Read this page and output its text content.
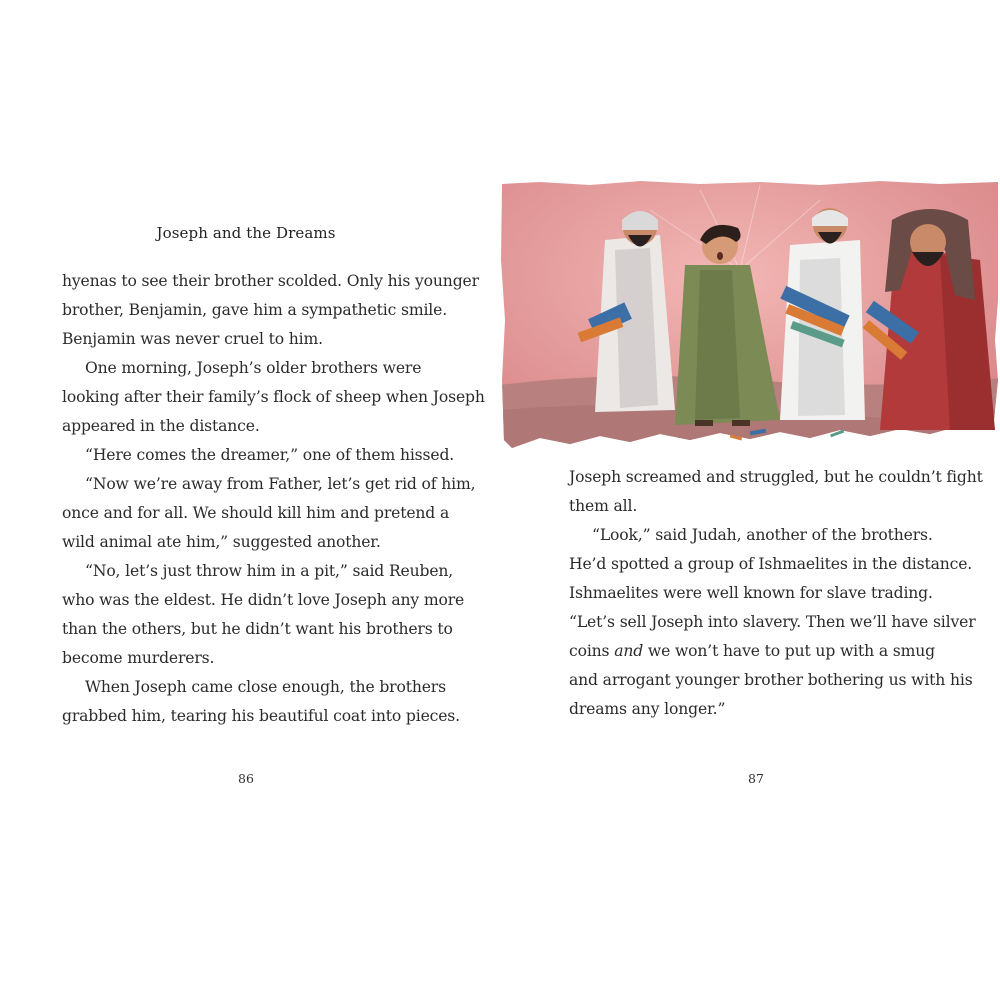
Joseph and the Dreams

hyenas to see their brother scolded. Only his younger
brother, Benjamin, gave him a sympathetic smile.
Benjamin was never cruel to him.

One morning, Joseph’s older brothers were
looking after their family’s flock of sheep when Joseph
appeared in the distance.

“Here comes the dreamer,” one of them hissed.

“Now we’re away from Father, let’s get rid of him,
once and for all. We should kill him and pretend a
wild animal ate him,” suggested another.

“No, let’s just throw him in a pit,” said Reuben,
who was the eldest. He didn’t love Joseph any more
than the others, but he didn’t want his brothers to
become murderers.

When Joseph came close enough, the brothers
grabbed him, tearing his beautiful coat into pieces.

86

Joseph screamed and struggled, but he couldn’t fight
them all.

“Look,” said Judah, another of the brothers.
He’d spotted a group of Ishmaelites in the distance.
Ishmaelites were well known for slave trading.
“Let’s sell Joseph into slavery. Then we’ll have silver
coins and we won’t have to put up with a smug
and arrogant younger brother bothering us with his
dreams any longer.”

87
